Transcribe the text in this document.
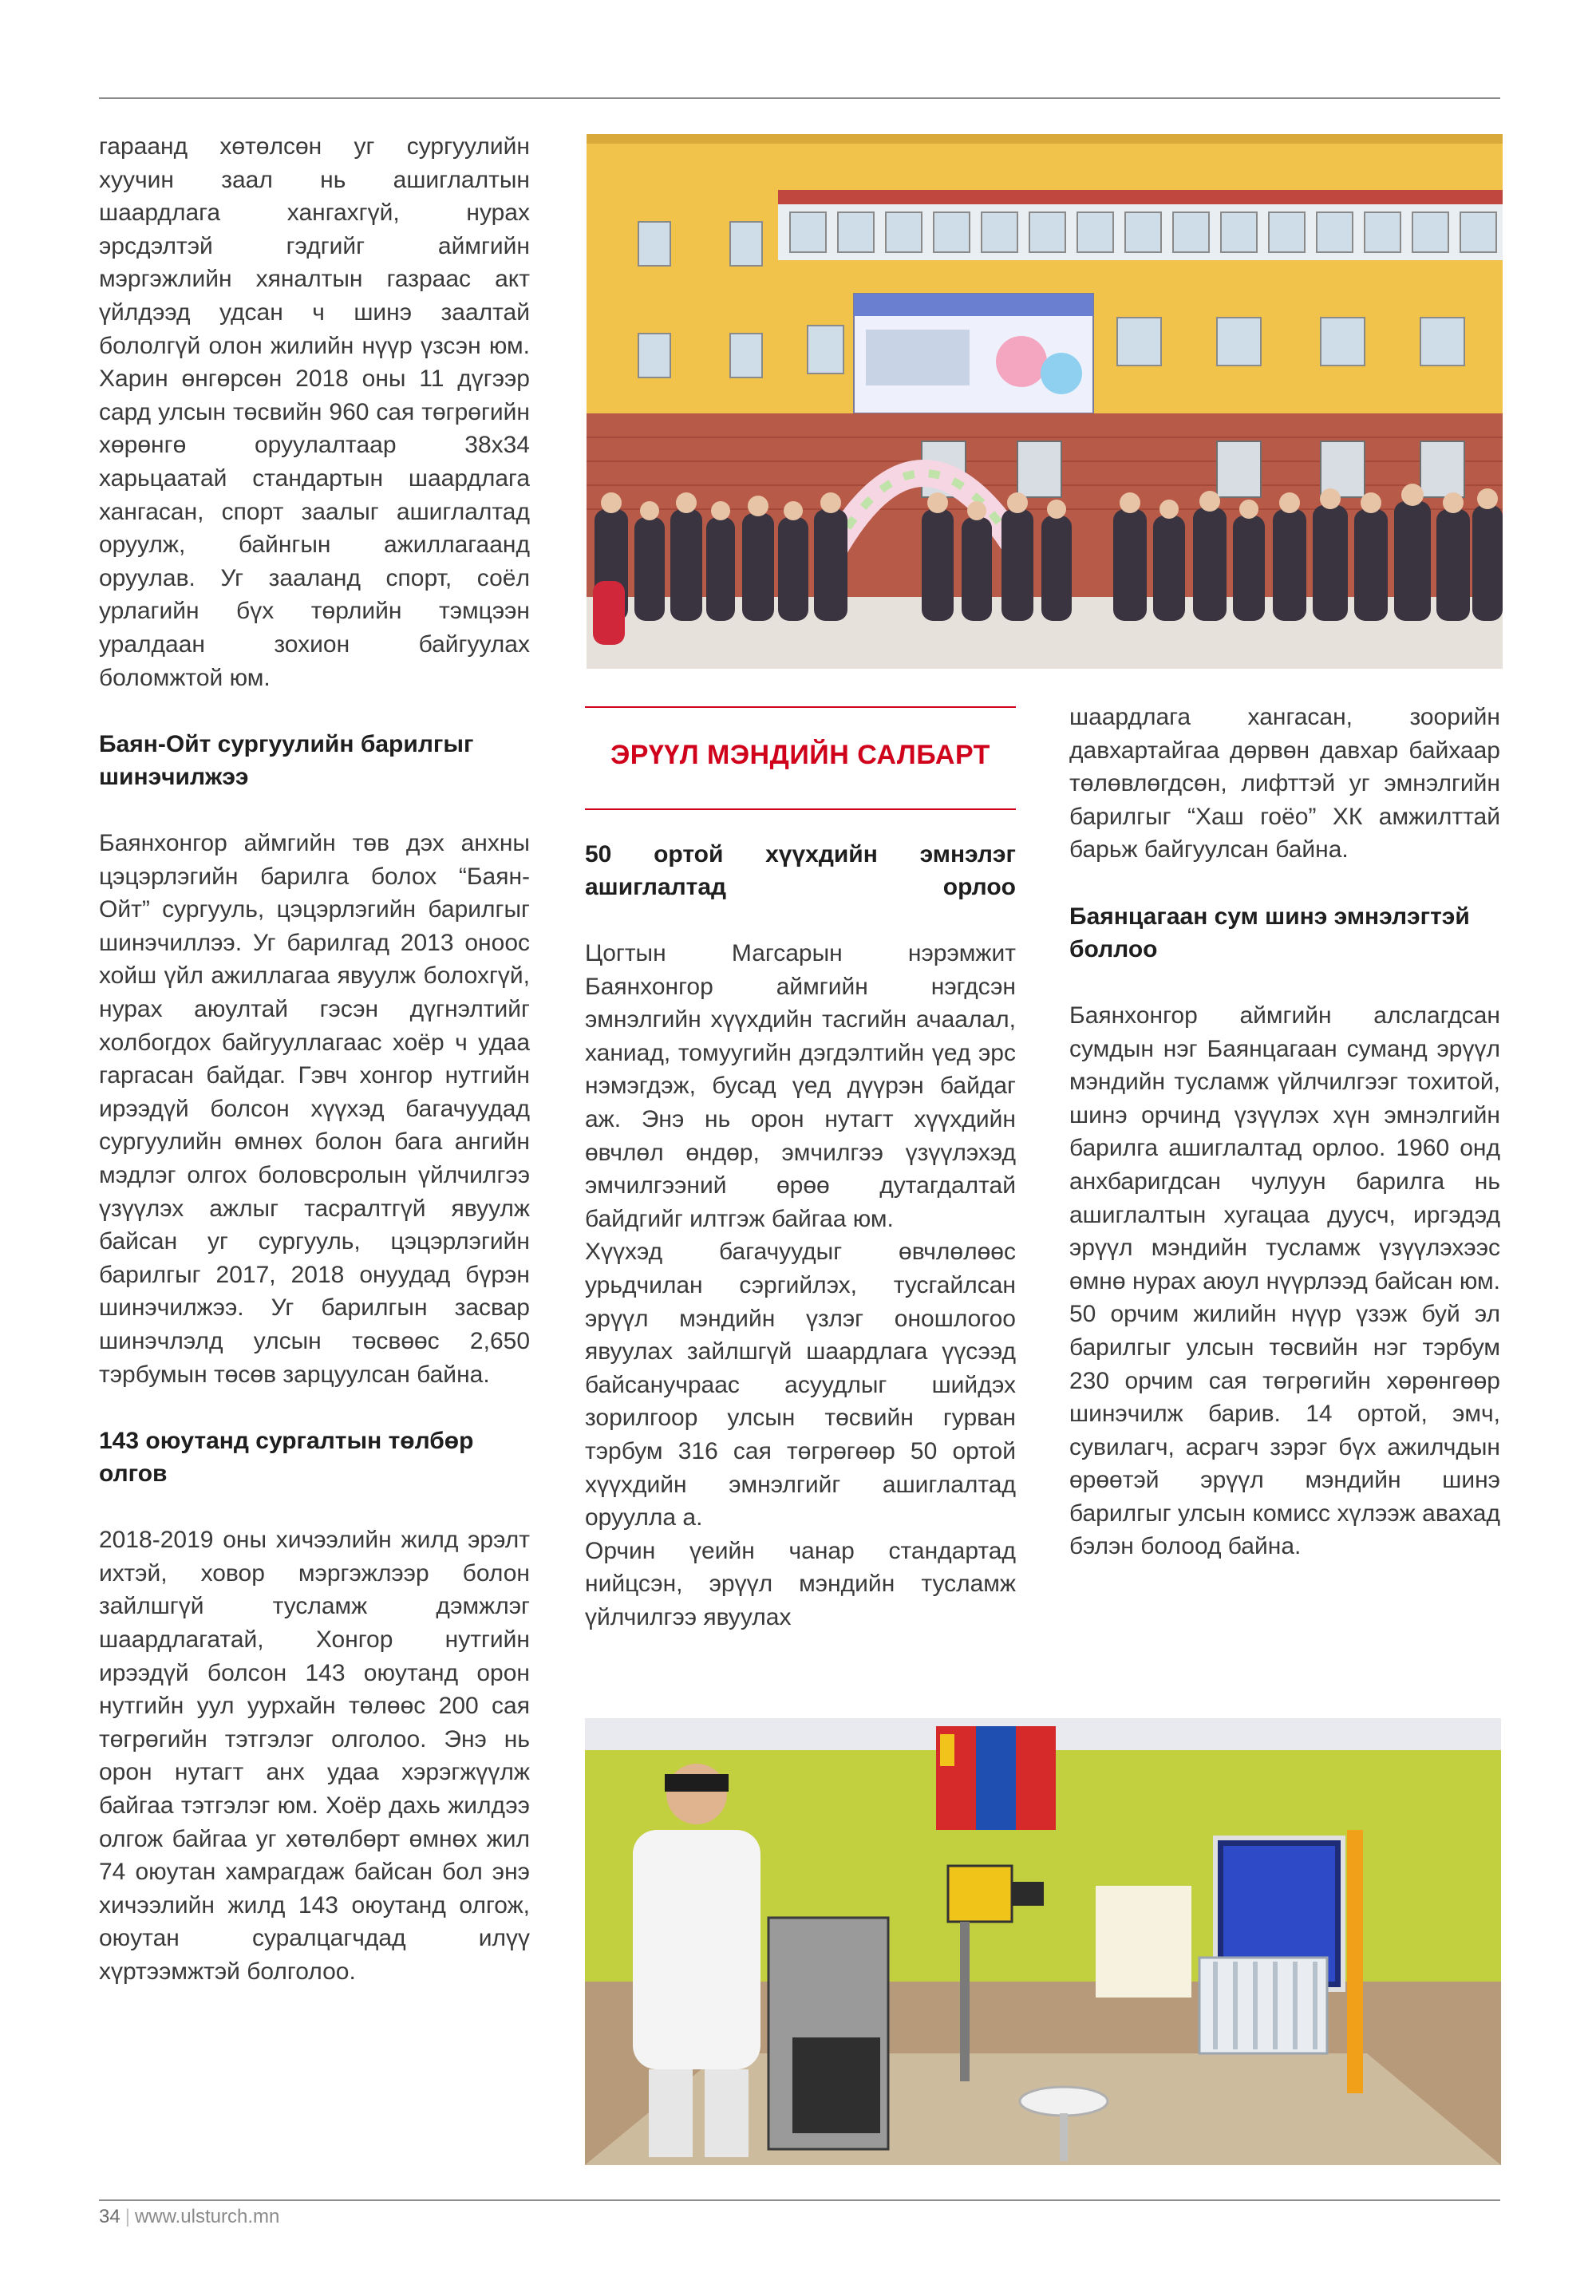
гараанд хөтөлсөн уг сургуулийн хуучин заал нь ашиглалтын шаардлага хангахгүй, нурах эрсдэлтэй гэдгийг аймгийн мэргэжлийн хяналтын газраас акт үйлдээд удсан ч шинэ заалтай бололгүй олон жилийн нүүр үзсэн юм. Харин өнгөрсөн 2018 оны 11 дүгээр сард улсын төсвийн 960 сая төгрөгийн хөрөнгө оруулалтаар 38х34 харьцаатай стандартын шаардлага хангасан, спорт заалыг ашиглалтад оруулж, байнгын ажиллагаанд оруулав. Уг зааланд спорт, соёл урлагийн бүх төрлийн тэмцээн уралдаан зохион байгуулах боломжтой юм.

Баян-Ойт сургуулийн барилгыг шинэчилжээ

Баянхонгор аймгийн төв дэх анхны цэцэрлэгийн барилга болох “Баян-Ойт” сургууль, цэцэрлэгийн барилгыг шинэчиллээ. Уг барилгад 2013 оноос хойш үйл ажиллагаа явуулж болохгүй, нурах аюултай гэсэн дүгнэлтийг холбогдох байгууллагаас хоёр ч удаа гаргасан байдаг. Гэвч хонгор нутгийн ирээдүй болсон хүүхэд багачуудад сургуулийн өмнөх болон бага ангийн мэдлэг олгох боловсролын үйлчилгээ үзүүлэх ажлыг тасралтгүй явуулж байсан уг сургууль, цэцэрлэгийн барилгыг 2017, 2018 онуудад бүрэн шинэчилжээ. Уг барилгын засвар шинэчлэлд улсын төсвөөс 2,650 тэрбумын төсөв зарцуулсан байна.

143 оюутанд сургалтын төлбөр олгов

2018-2019 оны хичээлийн жилд эрэлт ихтэй, ховор мэргэжлээр болон зайлшгүй тусламж дэмжлэг шаардлагатай, Хонгор нутгийн ирээдүй болсон 143 оюутанд орон нутгийн уул уурхайн төлөөс 200 сая төгрөгийн тэтгэлэг олголоо. Энэ нь орон нутагт анх удаа хэрэгжүүлж байгаа тэтгэлэг юм. Хоёр дахь жилдээ олгож байгаа уг хөтөлбөрт өмнөх жил 74 оюутан хамрагдаж байсан бол энэ хичээлийн жилд 143 оюутанд олгож, оюутан суралцагчдад илүү хүртээмжтэй болголоо.

ЭРҮҮЛ МЭНДИЙН САЛБАРТ

50 ортой хүүхдийн эмнэлэг ашиглалтад орлоо

Цогтын Магсарын нэрэмжит Баянхонгор аймгийн нэгдсэн эмнэлгийн хүүхдийн тасгийн ачаалал, ханиад, томуугийн дэгдэлтийн үед эрс нэмэгдэж, бусад үед дүүрэн байдаг аж. Энэ нь орон нутагт хүүхдийн өвчлөл өндөр, эмчилгээ үзүүлэхэд эмчилгээний өрөө дутагдалтай байдгийг илтгэж байгаа юм.

Хүүхэд багачуудыг өвчлөлөөс урьдчилан сэргийлэх, тусгайлсан эрүүл мэндийн үзлэг оношлогоо явуулах зайлшгүй шаардлага үүсээд байсанучраас асуудлыг шийдэх зорилгоор улсын төсвийн гурван тэрбум 316 сая төгрөгөөр 50 ортой хүүхдийн эмнэлгийг ашиглалтад оруулла а.

Орчин үеийн чанар стандартад нийцсэн, эрүүл мэндийн тусламж үйлчилгээ явуулах

шаардлага хангасан, зоорийн давхартайгаа дөрвөн давхар байхаар төлөвлөгдсөн, лифттэй уг эмнэлгийн барилгыг “Хаш гоёо” ХК амжилттай барьж байгуулсан байна.

Баянцагаан сум шинэ эмнэлэгтэй боллоо

Баянхонгор аймгийн алслагдсан сумдын нэг Баянцагаан суманд эрүүл мэндийн тусламж үйлчилгээг тохитой, шинэ орчинд үзүүлэх хүн эмнэлгийн барилга ашиглалтад орлоо. 1960 онд анхбаригдсан чулуун барилга нь ашиглалтын хугацаа дуусч, иргэдэд эрүүл мэндийн тусламж үзүүлэхээс өмнө нурах аюул нүүрлээд байсан юм. 50 орчим жилийн нүүр үзэж буй эл барилгыг улсын төсвийн нэг тэрбум 230 орчим сая төгрөгийн хөрөнгөөр шинэчилж барив. 14 ортой, эмч, сувилагч, асрагч зэрэг бүх ажилчдын өрөөтэй эрүүл мэндийн шинэ барилгыг улсын комисс хүлээж авахад бэлэн болоод байна.

34 | www.ulsturch.mn
